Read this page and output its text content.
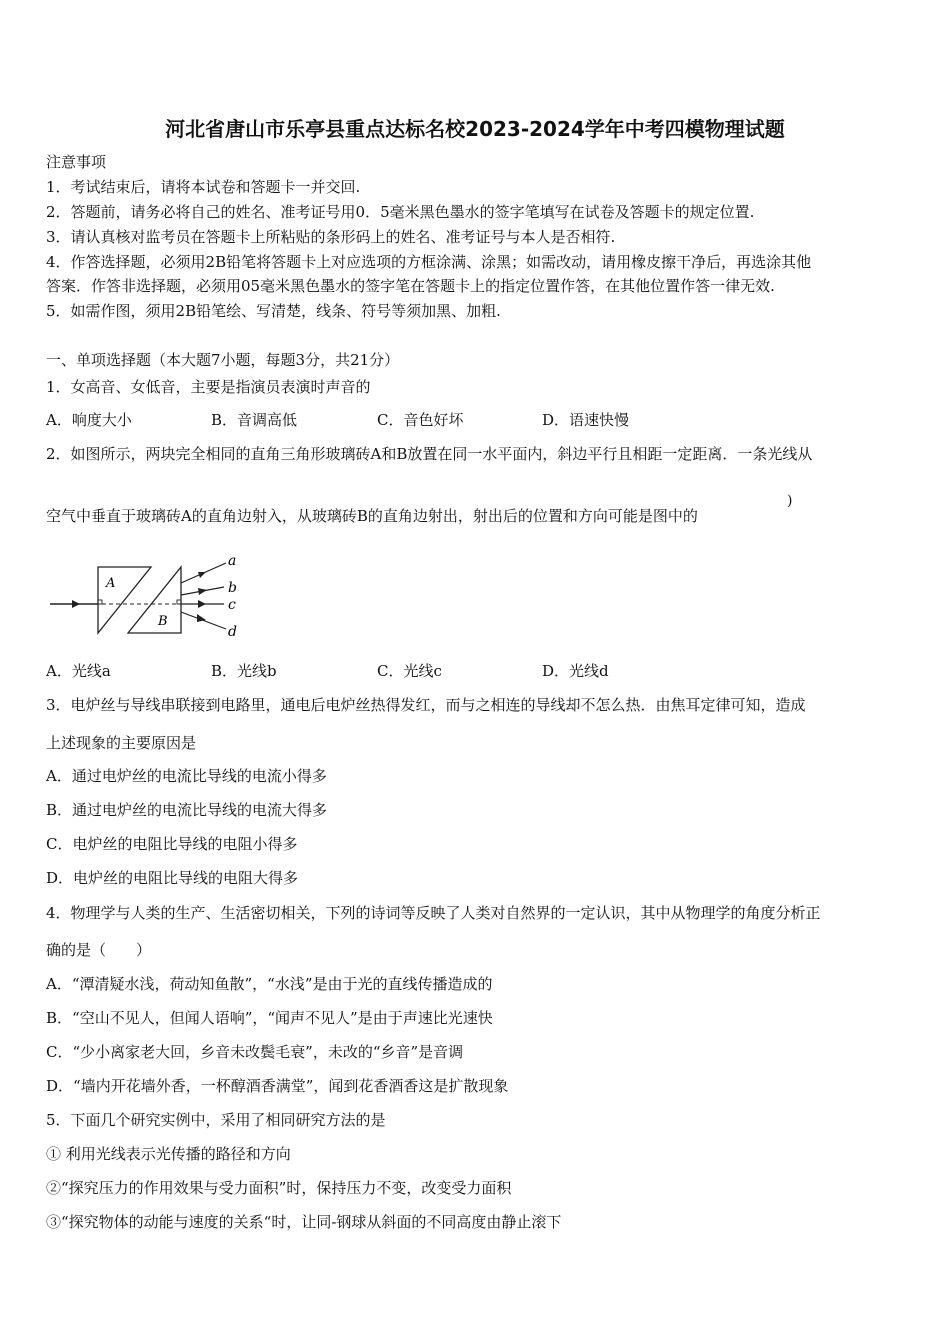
河北省唐山市乐亭县重点达标名校2023-2024学年中考四模物理试题
注意事项
1．考试结束后，请将本试卷和答题卡一并交回.
2．答题前，请务必将自己的姓名、准考证号用0．5毫米黑色墨水的签字笔填写在试卷及答题卡的规定位置.
3．请认真核对监考员在答题卡上所粘贴的条形码上的姓名、准考证号与本人是否相符.
4．作答选择题，必须用2B铅笔将答题卡上对应选项的方框涂满、涂黑；如需改动，请用橡皮擦干净后，再选涂其他
答案．作答非选择题，必须用05毫米黑色墨水的签字笔在答题卡上的指定位置作答，在其他位置作答一律无效.
5．如需作图，须用2B铅笔绘、写清楚，线条、符号等须加黑、加粗.
一、单项选择题（本大题7小题，每题3分，共21分）
1．女高音、女低音，主要是指演员表演时声音的
A．响度大小	B．音调高低	C．音色好坏	D．语速快慢
2．如图所示，两块完全相同的直角三角形玻璃砖A和B放置在同一水平面内，斜边平行且相距一定距离．一条光线从
空气中垂直于玻璃砖A的直角边射入，从玻璃砖B的直角边射出，射出后的位置和方向可能是图中的
)
A
B
a
b
c
d
A．光线a	B．光线b	C．光线c	D．光线d
3．电炉丝与导线串联接到电路里，通电后电炉丝热得发红，而与之相连的导线却不怎么热．由焦耳定律可知，造成
上述现象的主要原因是
A．通过电炉丝的电流比导线的电流小得多
B．通过电炉丝的电流比导线的电流大得多
C．电炉丝的电阻比导线的电阻小得多
D．电炉丝的电阻比导线的电阻大得多
4．物理学与人类的生产、生活密切相关，下列的诗词等反映了人类对自然界的一定认识，其中从物理学的角度分析正
确的是（　　）
A．“潭清疑水浅，荷动知鱼散”，“水浅”是由于光的直线传播造成的
B．“空山不见人，但闻人语响”，“闻声不见人”是由于声速比光速快
C．“少小离家老大回，乡音未改鬓毛衰”，未改的“乡音”是音调
D．“墙内开花墙外香，一杯醇酒香满堂”，闻到花香酒香这是扩散现象
5．下面几个研究实例中，采用了相同研究方法的是
① 利用光线表示光传播的路径和方向
②“探究压力的作用效果与受力面积”时，保持压力不变，改变受力面积
③“探究物体的动能与速度的关系“时，让同-钢球从斜面的不同高度由静止滚下
